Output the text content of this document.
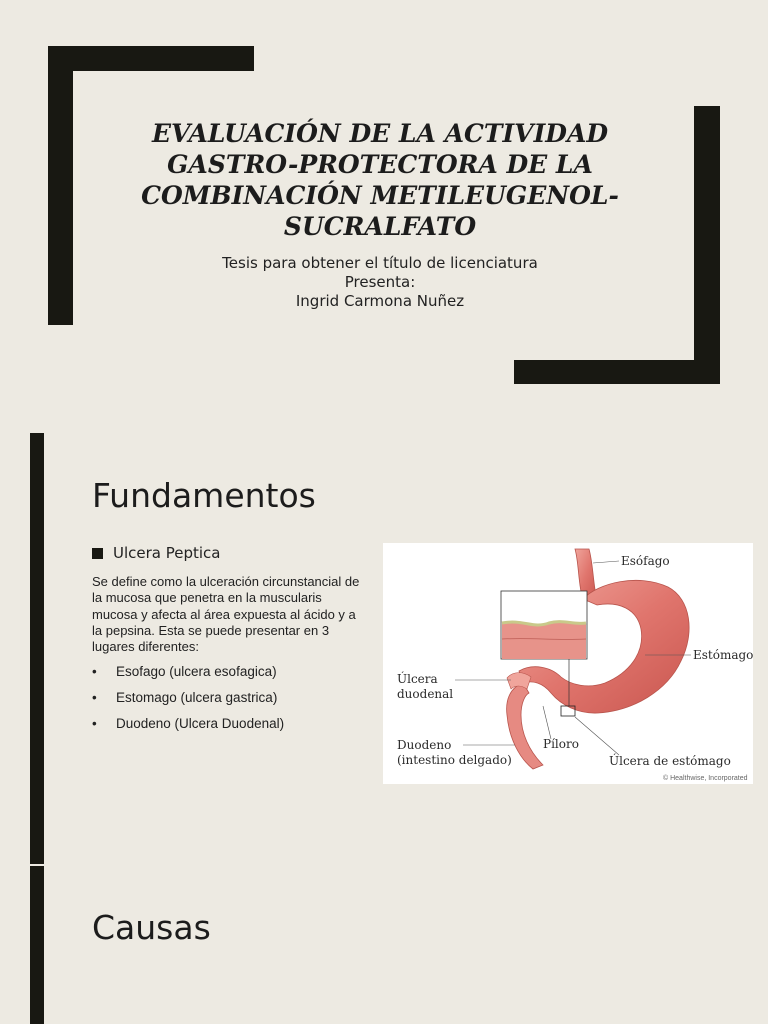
EVALUACIÓN DE LA ACTIVIDAD
GASTRO-PROTECTORA DE LA
COMBINACIÓN METILEUGENOL-
SUCRALFATO
Tesis para obtener el título de licenciatura
Presenta:
Ingrid Carmona Nuñez
Fundamentos
Ulcera Peptica
Se define como la ulceración circunstancial de la mucosa que penetra en la muscularis mucosa y afecta al área expuesta al ácido y a la pepsina. Esta se puede presentar en 3 lugares diferentes:
•	Esofago (ulcera esofagica)
•	Estomago (ulcera gastrica)
•	Duodeno (Ulcera Duodenal)
Esófago
Estómago
Úlcera
duodenal
Píloro
Duodeno
(intestino delgado)	Úlcera de estómago
© Healthwise, Incorporated
Causas
